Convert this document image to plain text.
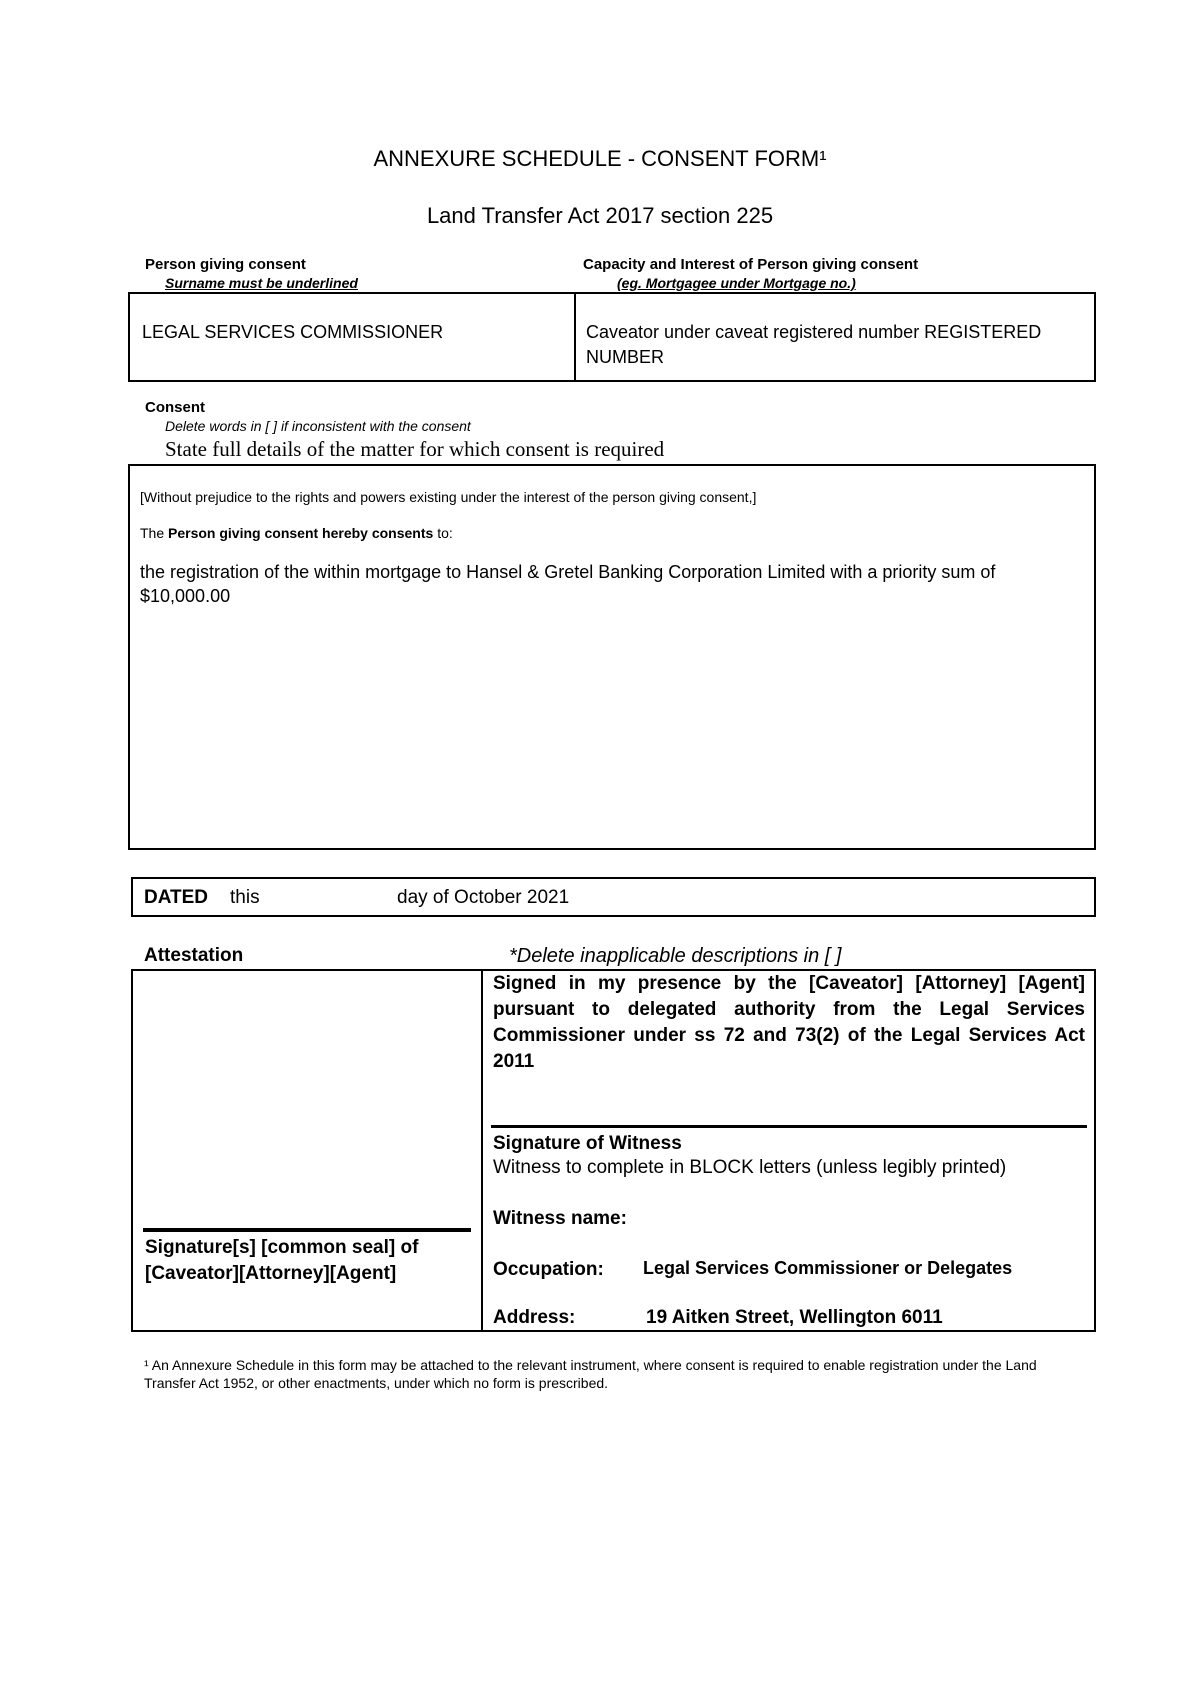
ANNEXURE SCHEDULE - CONSENT FORM¹
Land Transfer Act 2017 section 225
Person giving consent
Surname must be underlined
Capacity and Interest of Person giving consent
(eg. Mortgagee under Mortgage no.)
LEGAL SERVICES COMMISSIONER	Caveator under caveat registered number REGISTERED NUMBER
Consent
Delete words in [ ] if inconsistent with the consent
State full details of the matter for which consent is required
[Without prejudice to the rights and powers existing under the interest of the person giving consent,]
The Person giving consent hereby consents to:
the registration of the within mortgage to Hansel & Gretel Banking Corporation Limited with a priority sum of $10,000.00
DATED this	day of October 2021
Attestation	*Delete inapplicable descriptions in [ ]
Signature[s] [common seal] of [Caveator][Attorney][Agent]
Signed in my presence by the [Caveator] [Attorney] [Agent] pursuant to delegated authority from the Legal Services Commissioner under ss 72 and 73(2) of the Legal Services Act 2011
Signature of Witness
Witness to complete in BLOCK letters (unless legibly printed)
Witness name:
Occupation: Legal Services Commissioner or Delegates
Address:	19 Aitken Street, Wellington 6011
¹ An Annexure Schedule in this form may be attached to the relevant instrument, where consent is required to enable registration under the Land Transfer Act 1952, or other enactments, under which no form is prescribed.
